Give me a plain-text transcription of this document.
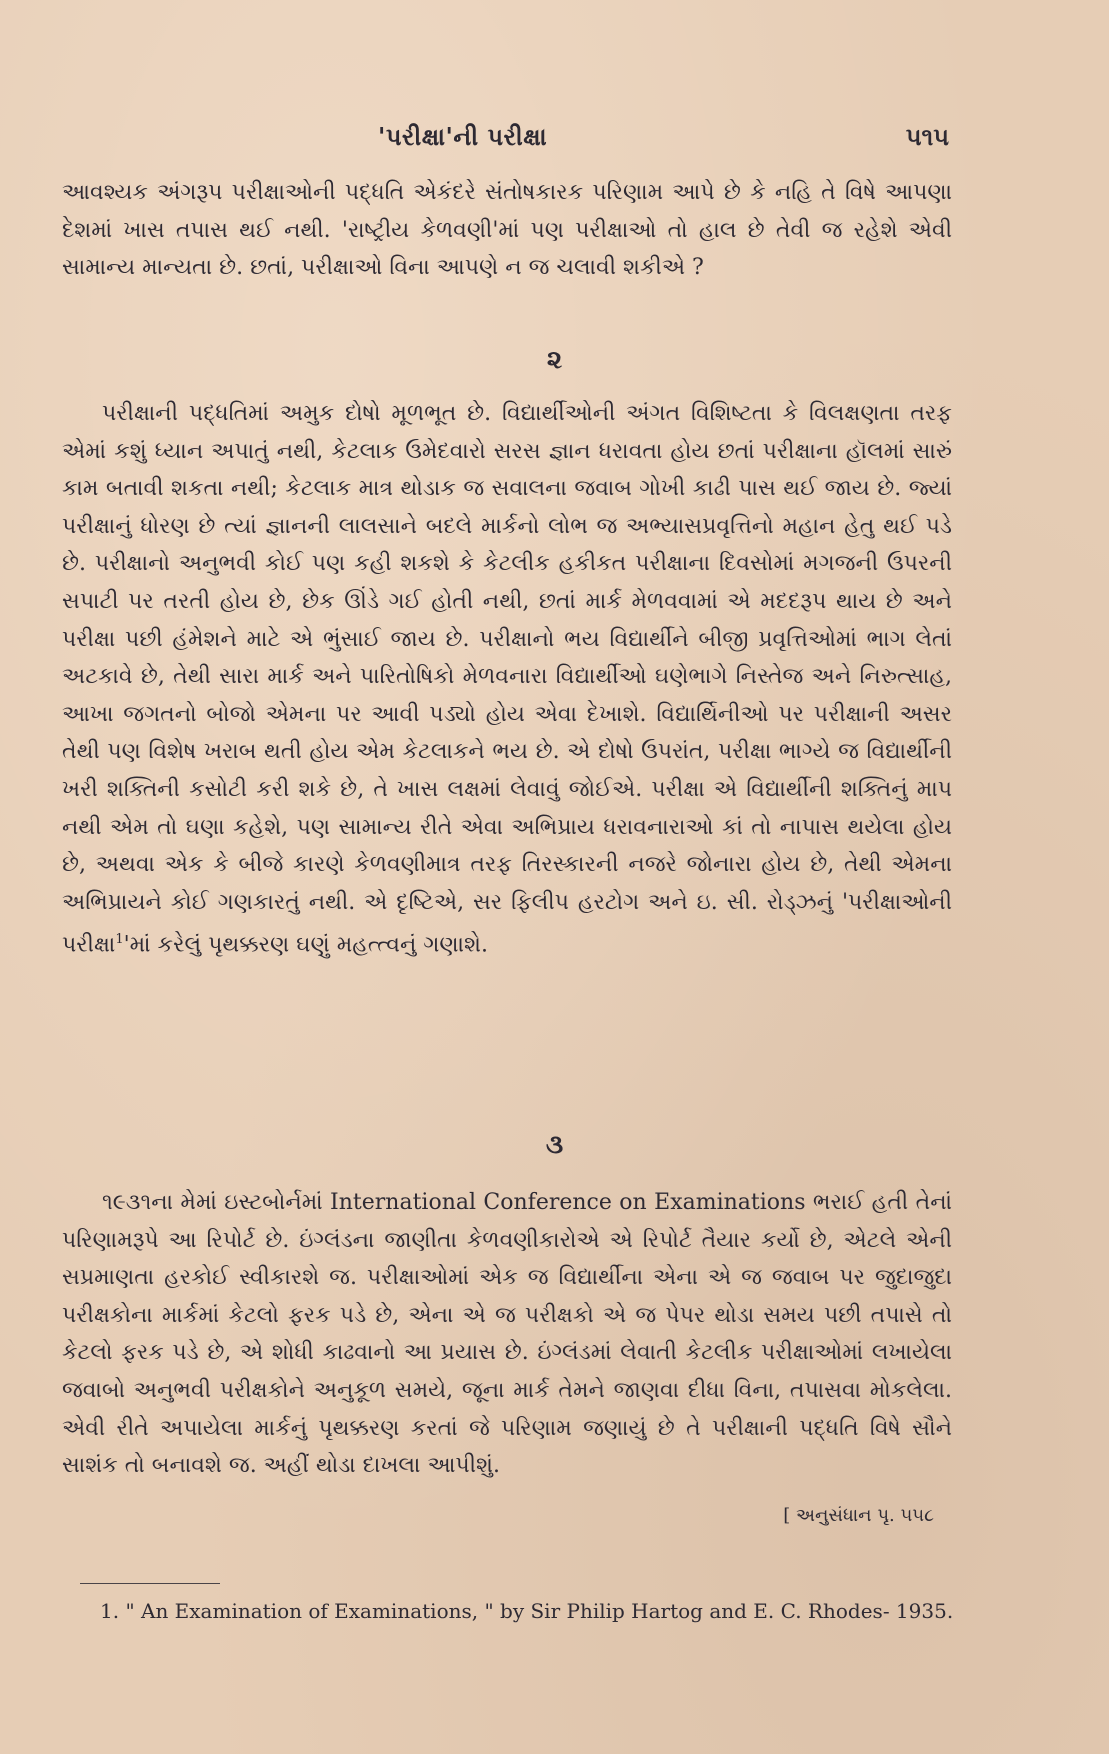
'પરીક્ષા'ની પરીક્ષા	૫૧૫

આવશ્યક અંગરૂપ પરીક્ષાઓની પદ્ધતિ એકંદરે સંતોષકારક પરિણામ આપે છે કે નહિ તે વિષે આપણા દેશમાં ખાસ તપાસ થઈ નથી. 'રાષ્ટ્રીય કેળવણી'માં પણ પરીક્ષાઓ તો હાલ છે તેવી જ રહેશે એવી સામાન્ય માન્યતા છે. છતાં, પરીક્ષાઓ વિના આપણે ન જ ચલાવી શકીએ ?

૨

પરીક્ષાની પદ્ધતિમાં અમુક દોષો મૂળભૂત છે. વિદ્યાર્થીઓની અંગત વિશિષ્ટતા કે વિલક્ષણતા તરફ એમાં કશું ધ્યાન અપાતું નથી, કેટલાક ઉમેદવારો સરસ જ્ઞાન ધરાવતા હોય છતાં પરીક્ષાના હૉલમાં સારું કામ બતાવી શકતા નથી; કેટલાક માત્ર થોડાક જ સવાલના જવાબ ગોખી કાઢી પાસ થઈ જાય છે. જ્યાં પરીક્ષાનું ધોરણ છે ત્યાં જ્ઞાનની લાલસાને બદલે માર્કનો લોભ જ અભ્યાસપ્રવૃત્તિનો મહાન હેતુ થઈ પડે છે. પરીક્ષાનો અનુભવી કોઈ પણ કહી શકશે કે કેટલીક હકીકત પરીક્ષાના દિવસોમાં મગજની ઉપરની સપાટી પર તરતી હોય છે, છેક ઊંડે ગઈ હોતી નથી, છતાં માર્ક મેળવવામાં એ મદદરૂપ થાય છે અને પરીક્ષા પછી હંમેશને માટે એ ભુંસાઈ જાય છે. પરીક્ષાનો ભય વિદ્યાર્થીને બીજી પ્રવૃત્તિઓમાં ભાગ લેતાં અટકાવે છે, તેથી સારા માર્ક અને પારિતોષિકો મેળવનારા વિદ્યાર્થીઓ ઘણેભાગે નિસ્તેજ અને નિરુત્સાહ, આખા જગતનો બોજો એમના પર આવી પડ્યો હોય એવા દેખાશે. વિદ્યાર્થિનીઓ પર પરીક્ષાની અસર તેથી પણ વિશેષ ખરાબ થતી હોય એમ કેટલાકને ભય છે. એ દોષો ઉપરાંત, પરીક્ષા ભાગ્યે જ વિદ્યાર્થીની ખરી શક્તિની કસોટી કરી શકે છે, તે ખાસ લક્ષમાં લેવાવું જોઈએ. પરીક્ષા એ વિદ્યાર્થીની શક્તિનું માપ નથી એમ તો ઘણા કહેશે, પણ સામાન્ય રીતે એવા અભિપ્રાય ધરાવનારાઓ કાં તો નાપાસ થયેલા હોય છે, અથવા એક કે બીજે કારણે કેળવણીમાત્ર તરફ તિરસ્કારની નજરે જોનારા હોય છે, તેથી એમના અભિપ્રાયને કોઈ ગણકારતું નથી. એ દૃષ્ટિએ, સર ફિલીપ હરટોગ અને ઇ. સી. રોડ્ઝનું 'પરીક્ષાઓની પરીક્ષા$^1$'માં કરેલું પૃથક્કરણ ઘણું મહત્ત્વનું ગણાશે.

૩

૧૯૩૧ના મેમાં ઇસ્ટબોર્નમાં International Conference on Examinations ભરાઈ હતી તેનાં પરિણામરૂપે આ રિપોર્ટ છે. ઇંગ્લંડના જાણીતા કેળવણીકારોએ એ રિપોર્ટ તૈયાર કર્યો છે, એટલે એની સપ્રમાણતા હરકોઈ સ્વીકારશે જ. પરીક્ષાઓમાં એક જ વિદ્યાર્થીના એના એ જ જવાબ પર જુદાજુદા પરીક્ષકોના માર્કમાં કેટલો ફરક પડે છે, એના એ જ પરીક્ષકો એ જ પેપર થોડા સમય પછી તપાસે તો કેટલો ફરક પડે છે, એ શોધી કાઢવાનો આ પ્રયાસ છે. ઇંગ્લંડમાં લેવાતી કેટલીક પરીક્ષાઓમાં લખાયેલા જવાબો અનુભવી પરીક્ષકોને અનુકૂળ સમયે, જૂના માર્ક તેમને જાણવા દીધા વિના, તપાસવા મોકલેલા. એવી રીતે અપાયેલા માર્કનું પૃથક્કરણ કરતાં જે પરિણામ જણાયું છે તે પરીક્ષાની પદ્ધતિ વિષે સૌને સાશંક તો બનાવશે જ. અહીં થોડા દાખલા આપીશું.

[ અનુસંધાન પૃ. ૫૫૮

1. " An Examination of Examinations, " by Sir Philip Hartog and E. C. Rhodes- 1935.
